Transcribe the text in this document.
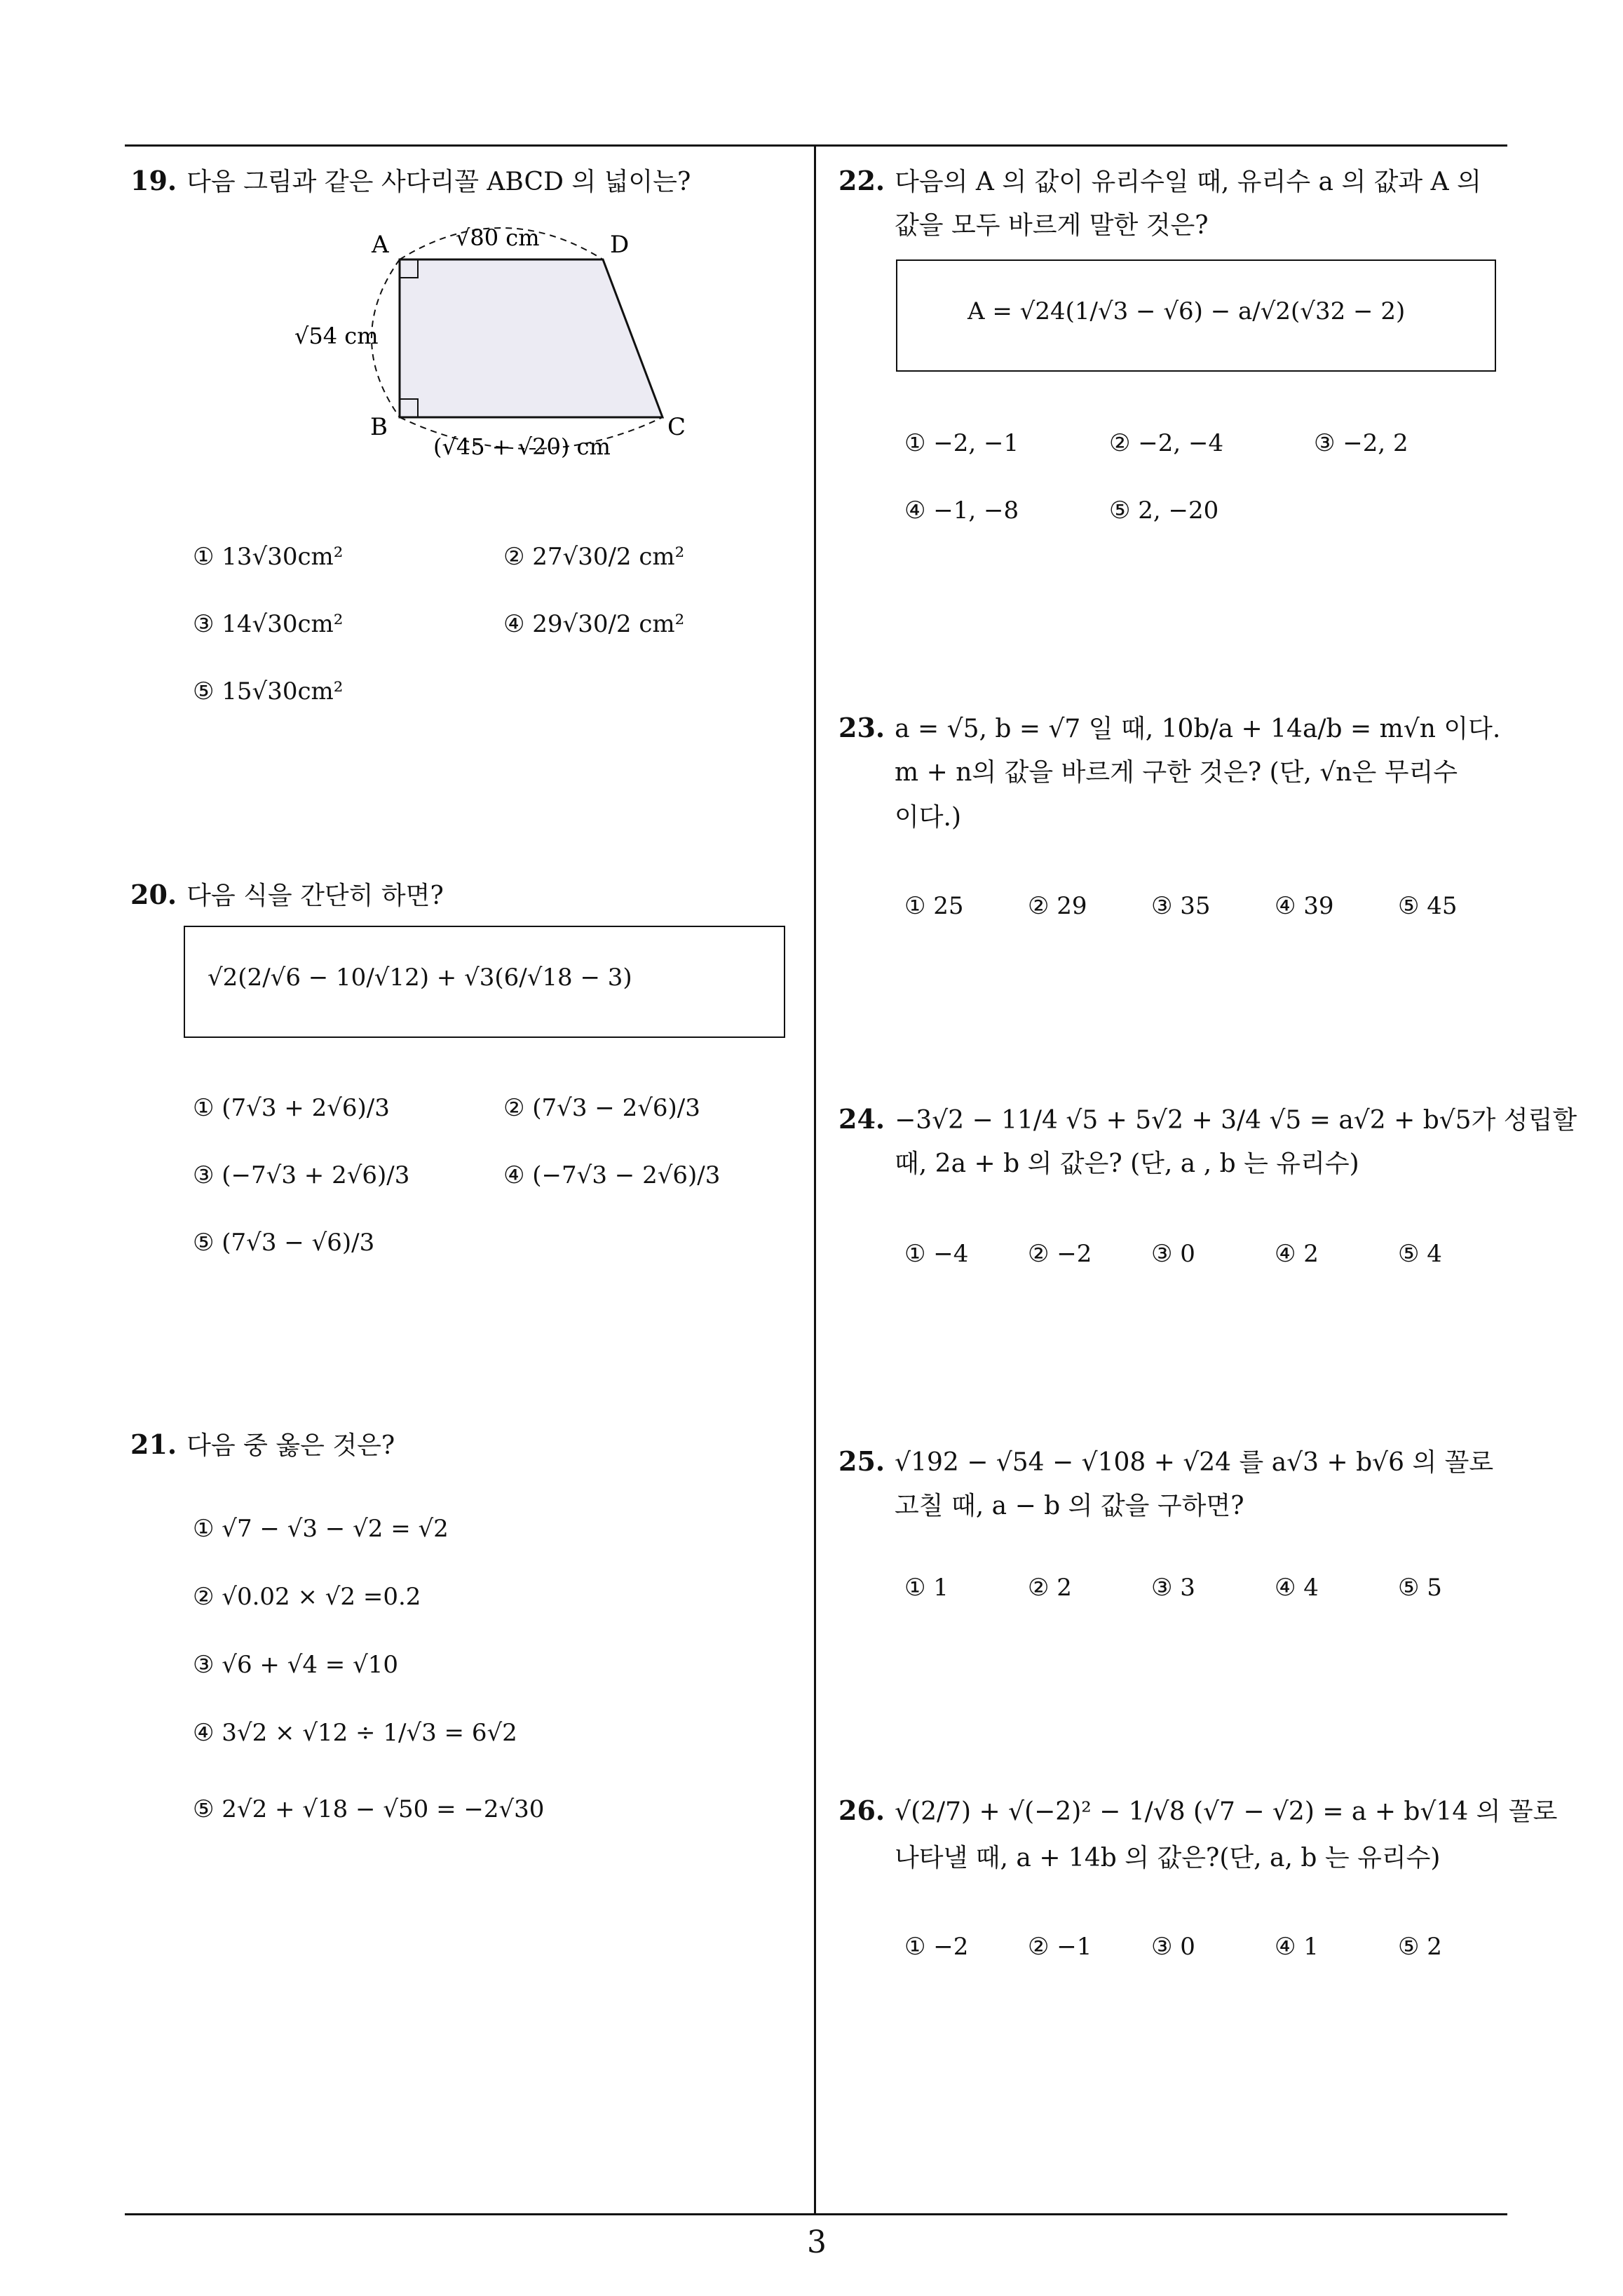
3
19. 다음 그림과 같은 사다리꼴 ABCD 의 넓이는?
A	D
B	C
√80 cm
√54 cm
(√45 + √20) cm
① 13√30cm²	② 27√30/2 cm²
③ 14√30cm²	④ 29√30/2 cm²
⑤ 15√30cm²
20. 다음 식을 간단히 하면?
√2(2/√6 − 10/√12) + √3(6/√18 − 3)
① (7√3 + 2√6)/3	② (7√3 − 2√6)/3
③ (−7√3 + 2√6)/3	④ (−7√3 − 2√6)/3
⑤ (7√3 − √6)/3
21. 다음 중 옳은 것은?
① √7 − √3 − √2 = √2
② √0.02 × √2 =0.2
③ √6 + √4 = √10
④ 3√2 × √12 ÷ 1/√3 = 6√2
⑤ 2√2 + √18 − √50 = −2√30
22. 다음의 A 의 값이 유리수일 때, 유리수 a 의 값과 A 의
값을 모두 바르게 말한 것은?
A = √24(1/√3 − √6) − a/√2(√32 − 2)
① −2, −1	② −2, −4	③ −2, 2
④ −1, −8	⑤ 2, −20
23. a = √5, b = √7 일 때, 10b/a + 14a/b = m√n 이다.
m + n의 값을 바르게 구한 것은? (단, √n은 무리수
이다.)
① 25	② 29	③ 35	④ 39	⑤ 45
24. −3√2 − 11/4 √5 + 5√2 + 3/4 √5 = a√2 + b√5가 성립할
때, 2a + b 의 값은? (단, a , b 는 유리수)
① −4 ② −2 ③ 0	④ 2	⑤ 4
25. √192 − √54 − √108 + √24 를 a√3 + b√6 의 꼴로
고칠 때, a − b 의 값을 구하면?
① 1	② 2	③ 3	④ 4	⑤ 5
26. √(2/7) + √(−2)² − 1/√8 (√7 − √2) = a + b√14 의 꼴로
나타낼 때, a + 14b 의 값은?(단, a, b 는 유리수)
① −2 ② −1 ③ 0	④ 1	⑤ 2
